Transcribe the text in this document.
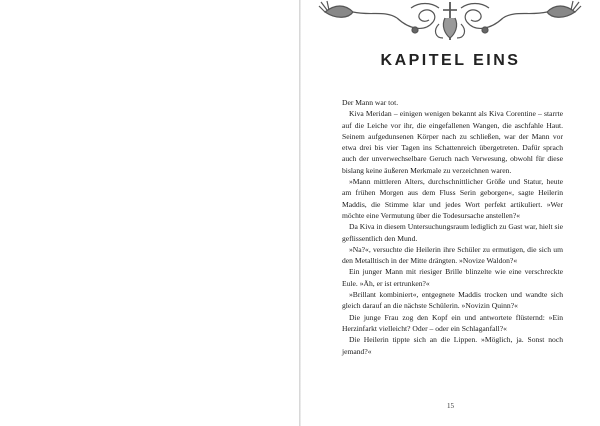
KAPITEL EINS

Der Mann war tot.

Kiva Meridan – einigen wenigen bekannt als Kiva Corentine – starrte auf die Leiche vor ihr, die eingefallenen Wangen, die aschfahle Haut. Seinem aufgedunsenen Körper nach zu schließen, war der Mann vor etwa drei bis vier Tagen ins Schattenreich übergetreten. Dafür sprach auch der unverwechselbare Geruch nach Verwesung, obwohl für diese bislang keine äußeren Merkmale zu verzeichnen waren.

»Mann mittleren Alters, durchschnittlicher Größe und Statur, heute am frühen Morgen aus dem Fluss Serin geborgen«, sagte Heilerin Maddis, die Stimme klar und jedes Wort perfekt artikuliert. »Wer möchte eine Vermutung über die Todesursache anstellen?«

Da Kiva in diesem Untersuchungsraum lediglich zu Gast war, hielt sie geflissentlich den Mund.

»Na?«, versuchte die Heilerin ihre Schüler zu ermutigen, die sich um den Metalltisch in der Mitte drängten. »Novize Waldon?«

Ein junger Mann mit riesiger Brille blinzelte wie eine verschreckte Eule. »Äh, er ist ertrunken?«

»Brillant kombiniert«, entgegnete Maddis trocken und wandte sich gleich darauf an die nächste Schülerin. »Novizin Quinn?«

Die junge Frau zog den Kopf ein und antwortete flüsternd: »Ein Herzinfarkt vielleicht? Oder – oder ein Schlaganfall?«

Die Heilerin tippte sich an die Lippen. »Möglich, ja. Sonst noch jemand?«

15
